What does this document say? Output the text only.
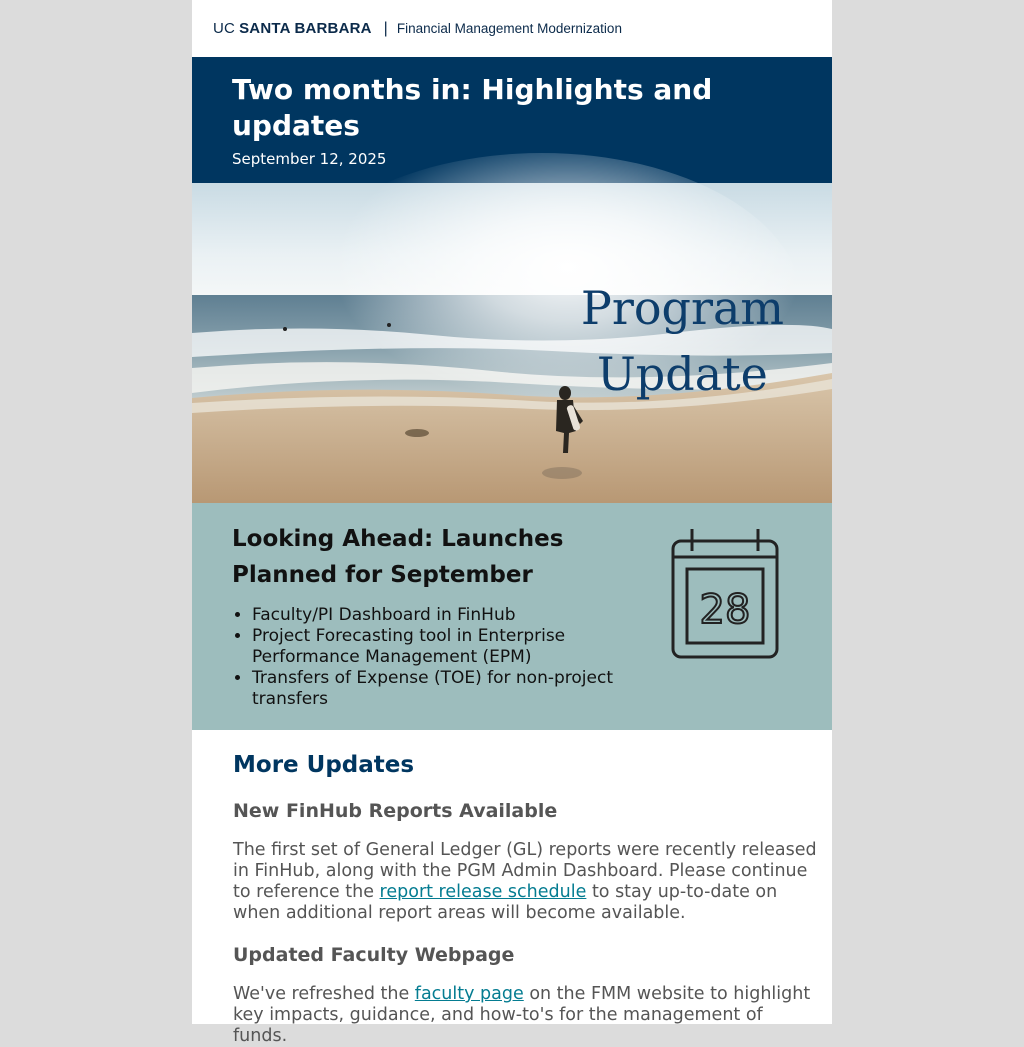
UC SANTA BARBARA | Financial Management Modernization
Two months in: Highlights and updates
September 12, 2025
Program
Update
Looking Ahead: Launches Planned for September
• Faculty/PI Dashboard in FinHub
• Project Forecasting tool in Enterprise Performance Management (EPM)
• Transfers of Expense (TOE) for non-project transfers
28
More Updates
New FinHub Reports Available

The first set of General Ledger (GL) reports were recently released in FinHub, along with the PGM Admin Dashboard. Please continue to reference the report release schedule to stay up-to-date on when additional report areas will become available.

Updated Faculty Webpage

We've refreshed the faculty page on the FMM website to highlight key impacts, guidance, and how-to's for the management of funds.
